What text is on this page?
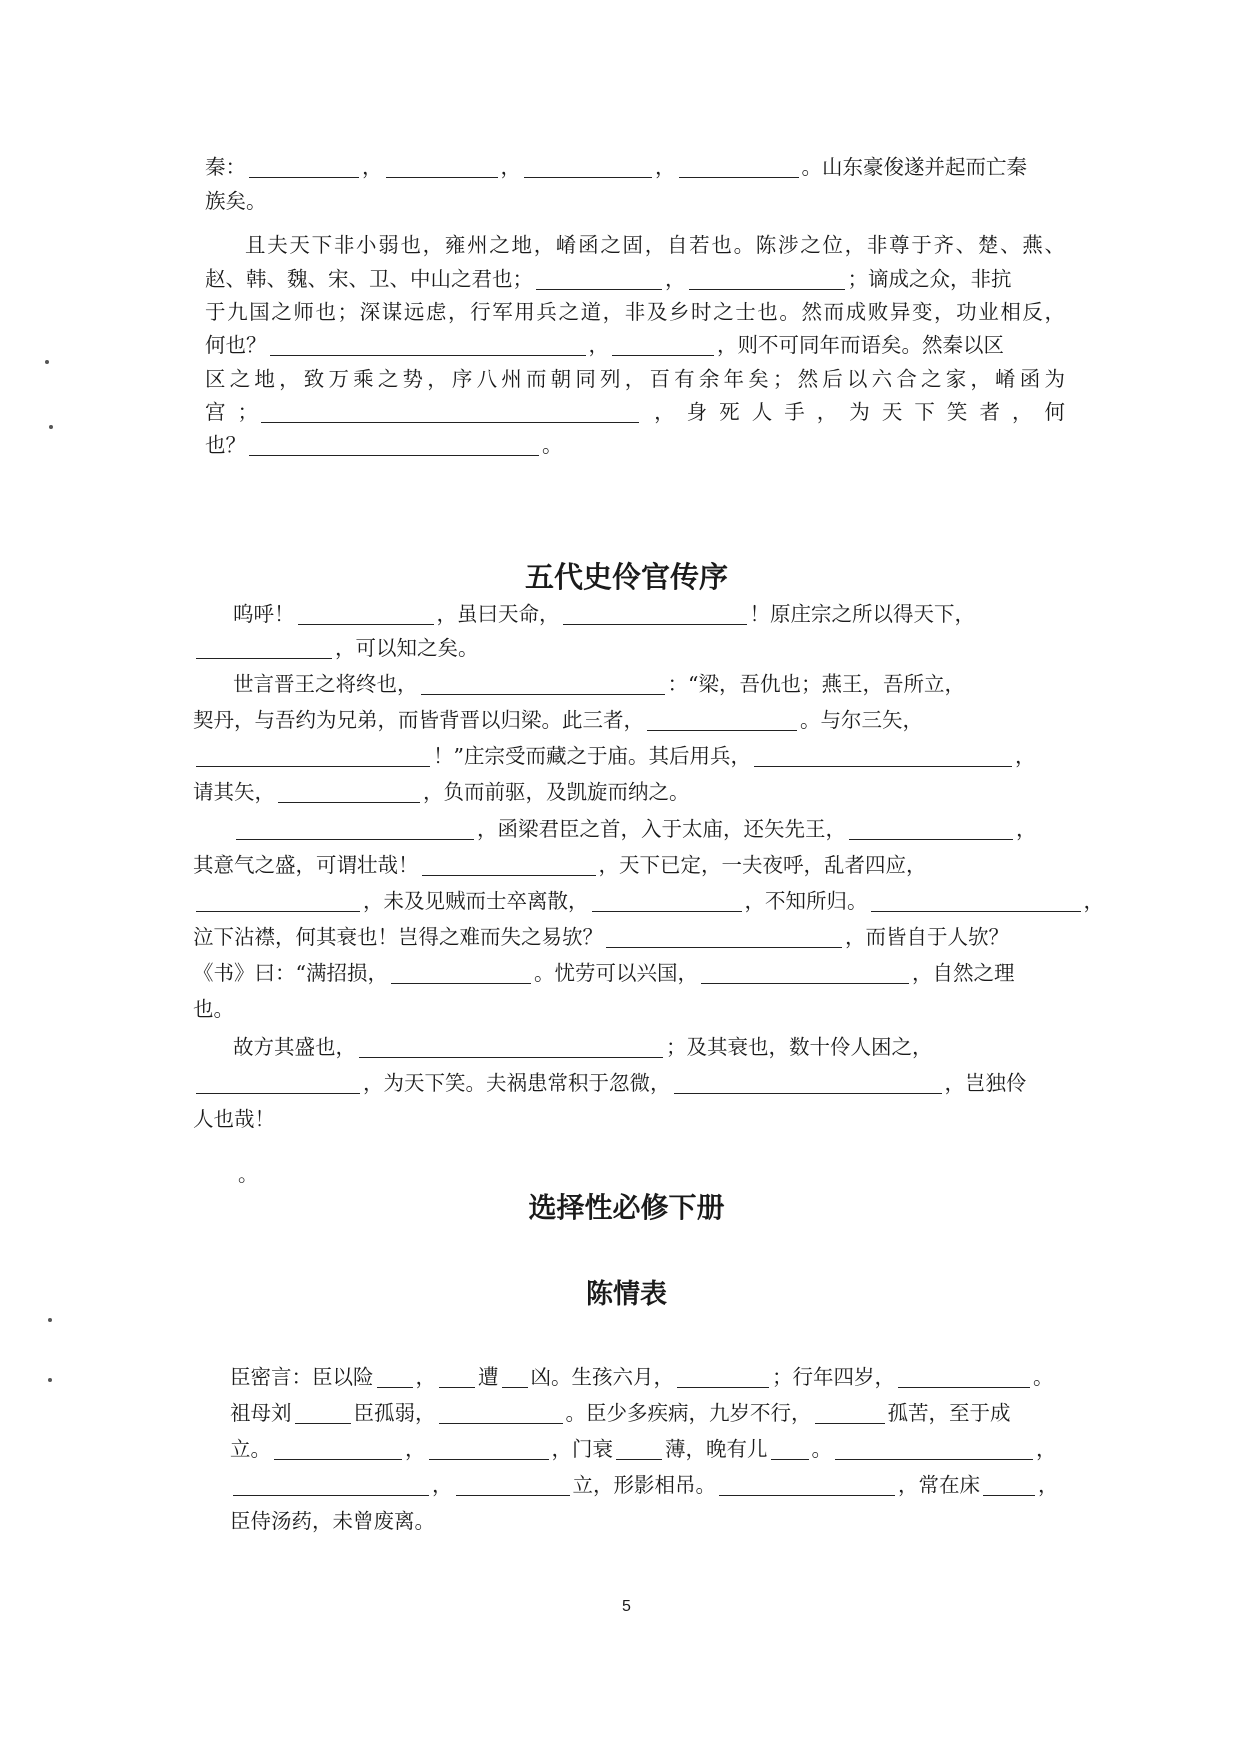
秦：	，	，	，	。山东豪俊遂并起而亡秦
族矣。
且夫天下非小弱也，雍州之地，崤函之固，自若也。陈涉之位，非尊于齐、楚、燕、
赵、韩、魏、宋、卫、中山之君也；	，	；谪成之众，非抗
于九国之师也；深谋远虑，行军用兵之道，非及乡时之士也。然而成败异变，功业相反，
何也？	，	，则不可同年而语矣。然秦以区
区之地，致万乘之势，序八州而朝同列，百有余年矣；然后以六合之家，崤函为
宫；	，身死人手，为天下笑者，何
也？	。
五代史伶官传序
呜呼！	，虽曰天命，	！原庄宗之所以得天下，
，可以知之矣。
世言晋王之将终也，	：“梁，吾仇也；燕王，吾所立，
契丹，与吾约为兄弟，而皆背晋以归梁。此三者，	。与尔三矢，
！”庄宗受而藏之于庙。其后用兵，	，
请其矢，	，负而前驱，及凯旋而纳之。
，函梁君臣之首，入于太庙，还矢先王，	，
其意气之盛，可谓壮哉！	，天下已定，一夫夜呼，乱者四应，
，未及见贼而士卒离散，	，不知所归。	，
泣下沾襟，何其衰也！岂得之难而失之易欤？	，而皆自于人欤？
《书》曰：“满招损，	。忧劳可以兴国，	，自然之理
也。
故方其盛也，	；及其衰也，数十伶人困之，
，为天下笑。夫祸患常积于忽微，	，岂独伶
人也哉！
。
选择性必修下册
陈情表
臣密言：臣以险 ， 遭 凶。生孩六月，	；行年四岁，	。
祖母刘	臣孤弱，	。臣少多疾病，九岁不行，	孤苦，至于成
立。	，	，门衰	薄，晚有儿 。	，
，	立，形影相吊。	，常在床	，
臣侍汤药，未曾废离。
5
